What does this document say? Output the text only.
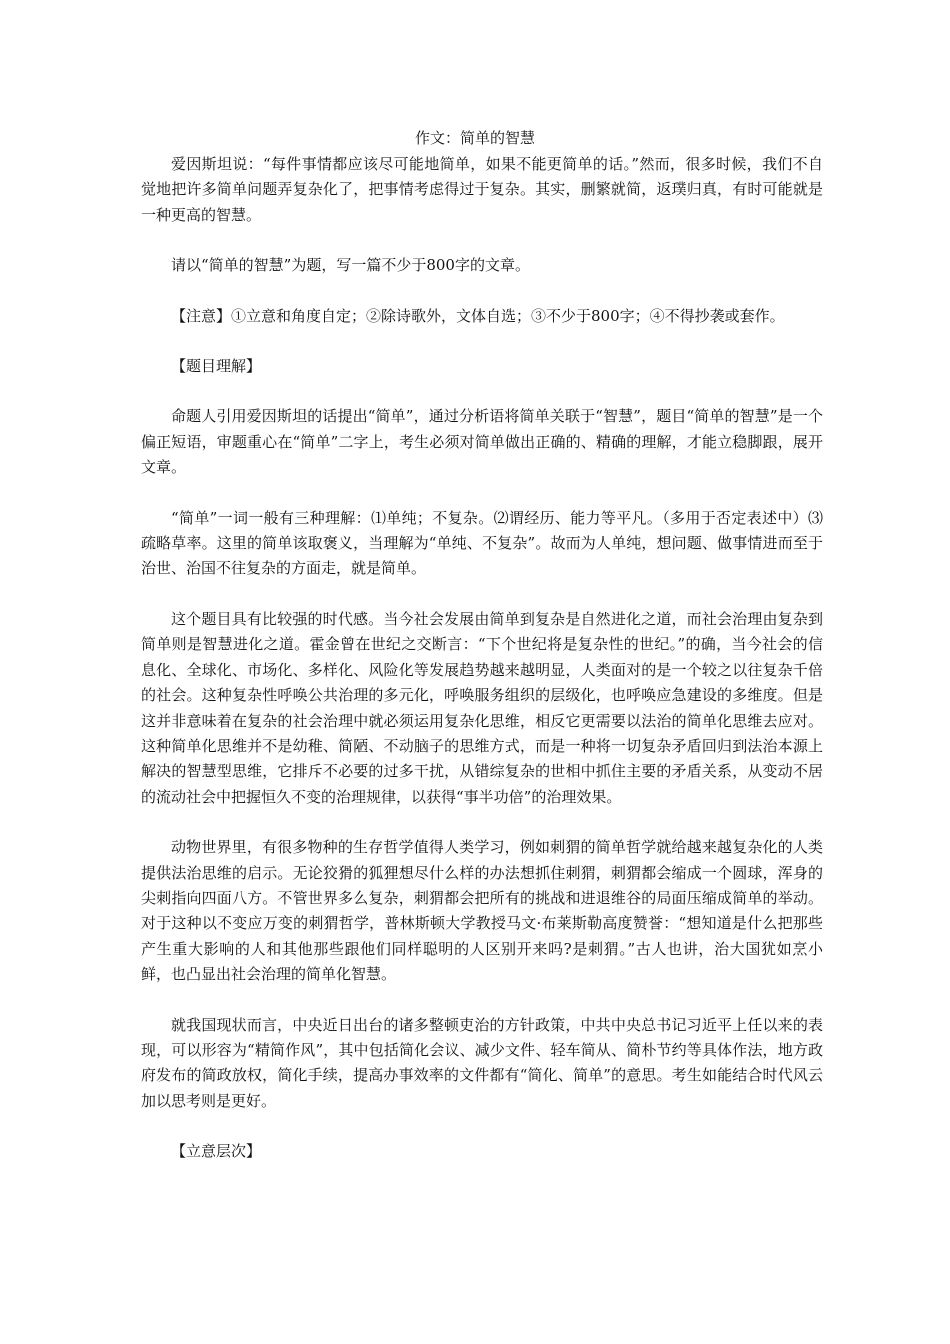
作文：简单的智慧

爱因斯坦说：“每件事情都应该尽可能地简单，如果不能更简单的话。”然而，很多时候，我们不自觉地把许多简单问题弄复杂化了，把事情考虑得过于复杂。其实，删繁就简，返璞归真，有时可能就是一种更高的智慧。

请以“简单的智慧”为题，写一篇不少于800字的文章。

【注意】①立意和角度自定；②除诗歌外，文体自选；③不少于800字；④不得抄袭或套作。

【题目理解】

命题人引用爱因斯坦的话提出“简单”，通过分析语将简单关联于“智慧”，题目“简单的智慧”是一个偏正短语，审题重心在“简单”二字上，考生必须对简单做出正确的、精确的理解，才能立稳脚跟，展开文章。

“简单”一词一般有三种理解：⑴单纯；不复杂。⑵谓经历、能力等平凡。（多用于否定表述中）⑶疏略草率。这里的简单该取褒义，当理解为“单纯、不复杂”。故而为人单纯，想问题、做事情进而至于治世、治国不往复杂的方面走，就是简单。

这个题目具有比较强的时代感。当今社会发展由简单到复杂是自然进化之道，而社会治理由复杂到简单则是智慧进化之道。霍金曾在世纪之交断言：“下个世纪将是复杂性的世纪。”的确，当今社会的信息化、全球化、市场化、多样化、风险化等发展趋势越来越明显，人类面对的是一个较之以往复杂千倍的社会。这种复杂性呼唤公共治理的多元化，呼唤服务组织的层级化，也呼唤应急建设的多维度。但是这并非意味着在复杂的社会治理中就必须运用复杂化思维，相反它更需要以法治的简单化思维去应对。这种简单化思维并不是幼稚、简陋、不动脑子的思维方式，而是一种将一切复杂矛盾回归到法治本源上解决的智慧型思维，它排斥不必要的过多干扰，从错综复杂的世相中抓住主要的矛盾关系，从变动不居的流动社会中把握恒久不变的治理规律，以获得“事半功倍”的治理效果。

动物世界里，有很多物种的生存哲学值得人类学习，例如刺猬的简单哲学就给越来越复杂化的人类提供法治思维的启示。无论狡猾的狐狸想尽什么样的办法想抓住刺猬，刺猬都会缩成一个圆球，浑身的尖刺指向四面八方。不管世界多么复杂，刺猬都会把所有的挑战和进退维谷的局面压缩成简单的举动。对于这种以不变应万变的刺猬哲学，普林斯顿大学教授马文·布莱斯勒高度赞誉：“想知道是什么把那些产生重大影响的人和其他那些跟他们同样聪明的人区别开来吗?是刺猬。”古人也讲，治大国犹如烹小鲜，也凸显出社会治理的简单化智慧。

就我国现状而言，中央近日出台的诸多整顿吏治的方针政策，中共中央总书记习近平上任以来的表现，可以形容为“精简作风”，其中包括简化会议、减少文件、轻车简从、简朴节约等具体作法，地方政府发布的简政放权，简化手续，提高办事效率的文件都有“简化、简单”的意思。考生如能结合时代风云加以思考则是更好。

【立意层次】
